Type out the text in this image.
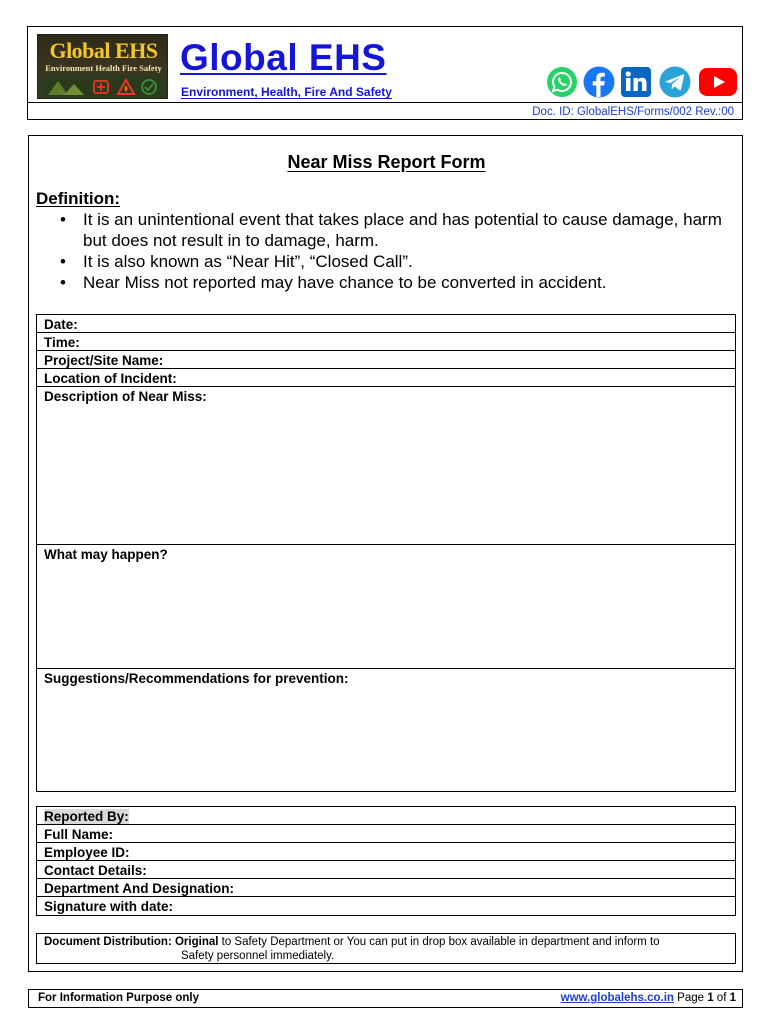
Global EHS
Environment Health Fire Safety Global EHS
Environment, Health, Fire And Safety
Doc. ID: GlobalEHS/Forms/002 Rev.:00
Near Miss Report Form
Definition:
• It is an unintentional event that takes place and has potential to cause damage, harm but does not result in to damage, harm.
• It is also known as “Near Hit”, “Closed Call”.
• Near Miss not reported may have chance to be converted in accident.
Date:
Time:
Project/Site Name:
Location of Incident:
Description of Near Miss:
What may happen?
Suggestions/Recommendations for prevention:
Reported By:
Full Name:
Employee ID:
Contact Details:
Department And Designation:
Signature with date:
Document Distribution: Original to Safety Department or You can put in drop box available in department and inform to
Safety personnel immediately.
For Information Purpose only	www.globalehs.co.in Page 1 of 1
